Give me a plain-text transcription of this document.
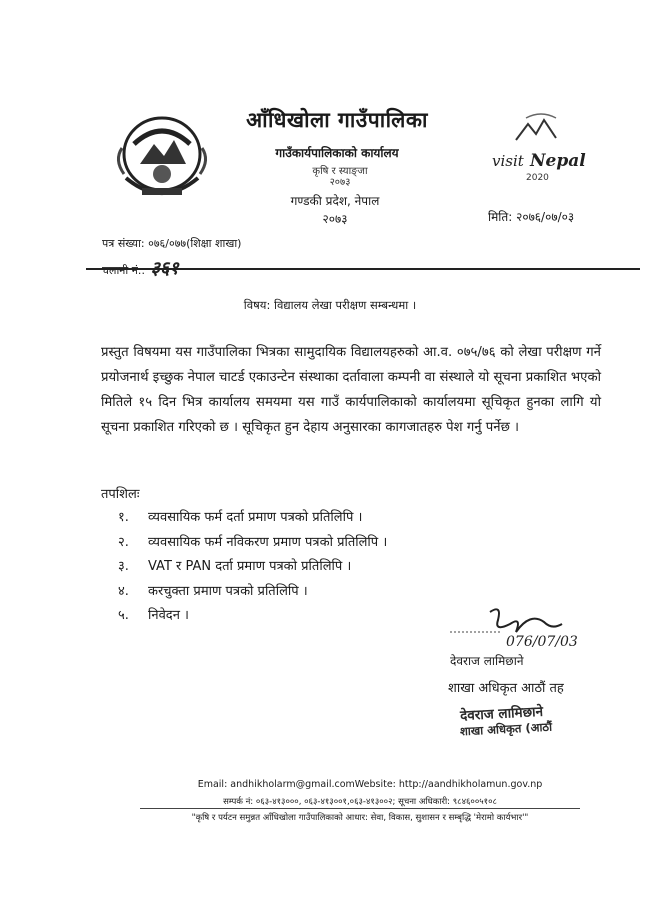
visit Nepal
2020
आँधिखोला गाउँपालिका
गाउँकार्यपालिकाको कार्यालय
कृषि र स्याङ्जा
२०७३
गण्डकी प्रदेश, नेपाल
२०७३	मिति: २०७६/०७/०३
पत्र संख्या: ०७६/०७७(शिक्षा शाखा)
चलानी नं.: ३६१
विषय: विद्यालय लेखा परीक्षण सम्बन्धमा ।
प्रस्तुत विषयमा यस गाउँपालिका भित्रका सामुदायिक विद्यालयहरुको आ.व. ०७५/७६ को लेखा परीक्षण गर्ने प्रयोजनार्थ इच्छुक नेपाल चाटर्ड एकाउन्टेन संस्थाका दर्तावाला कम्पनी वा संस्थाले यो सूचना प्रकाशित भएको मितिले १५ दिन भित्र कार्यालय समयमा यस गाउँ कार्यपालिकाको कार्यालयमा सूचिकृत हुनका लागि यो सूचना प्रकाशित गरिएको छ । सूचिकृत हुन देहाय अनुसारका कागजातहरु पेश गर्नु पर्नेछ ।
तपशिलः
१. व्यवसायिक फर्म दर्ता प्रमाण पत्रको प्रतिलिपि ।
२. व्यवसायिक फर्म नविकरण प्रमाण पत्रको प्रतिलिपि ।
३. VAT र PAN दर्ता प्रमाण पत्रको प्रतिलिपि ।
४. करचुक्ता प्रमाण पत्रको प्रतिलिपि ।
५. निवेदन ।
076/07/03
देवराज लामिछाने
शाखा अधिकृत आठौं तह
देवराज लामिछाने
शाखा अधिकृत (आठौं
Email: andhikholarm@gmail.comWebsite: http://aandhikholamun.gov.np
सम्पर्क नं: ०६३-४१३०००, ०६३-४१३००१,०६३-४१३००२; सूचना अधिकारी: ९८४६००५१०८
"कृषि र पर्यटन समुन्नत आँधिखोला गाउँपालिकाको आधार: सेवा, विकास, सुशासन र सम्बृद्धि 'मेरामो कार्यभार'"
